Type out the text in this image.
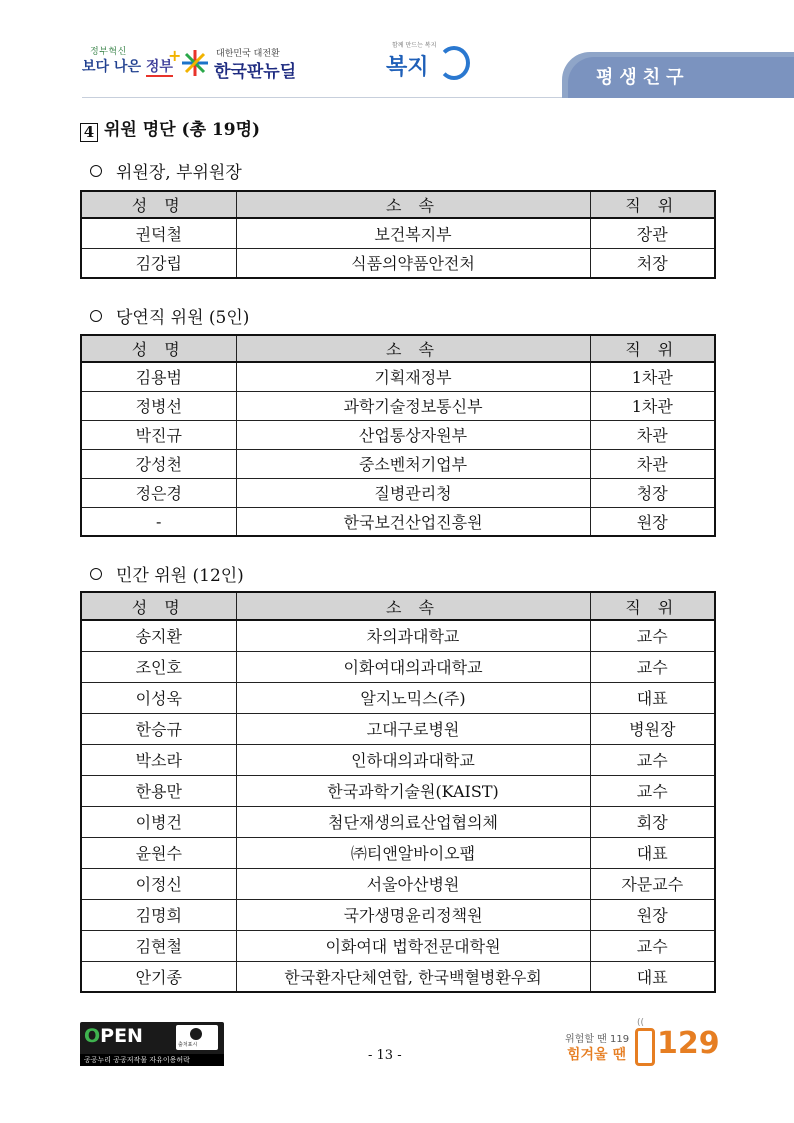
정부혁신
보다 나은 정부
+	대한민국 대전환
한국판뉴딜
함께 만드는 복지
복지	평생친구
4 위원 명단 (총 19명)
위원장, 부위원장
성 명	소 속	직 위
권덕철	보건복지부	장관
김강립	식품의약품안전처	처장
당연직 위원 (5인)
성 명	소 속	직 위
김용범	기획재정부	1차관
정병선	과학기술정보통신부	1차관
박진규	산업통상자원부	차관
강성천	중소벤처기업부	차관
정은경	질병관리청	청장
-	한국보건산업진흥원	원장
민간 위원 (12인)
성 명	소 속	직 위
송지환	차의과대학교	교수
조인호	이화여대의과대학교	교수
이성욱	알지노믹스(주)	대표
한승규	고대구로병원	병원장
박소라	인하대의과대학교	교수
한용만	한국과학기술원(KAIST)	교수
이병건	첨단재생의료산업협의체	회장
윤원수	㈜티앤알바이오팹	대표
이정신	서울아산병원	자문교수
김명희	국가생명윤리정책원	원장
김현철	이화여대 법학전문대학원	교수
안기종	한국환자단체연합, 한국백혈병환우회	대표
OPEN	출처표시
공공누리 공공저작물 자유이용허락	- 13 -
위험할 땐 119
힘겨울 땐
((
129
